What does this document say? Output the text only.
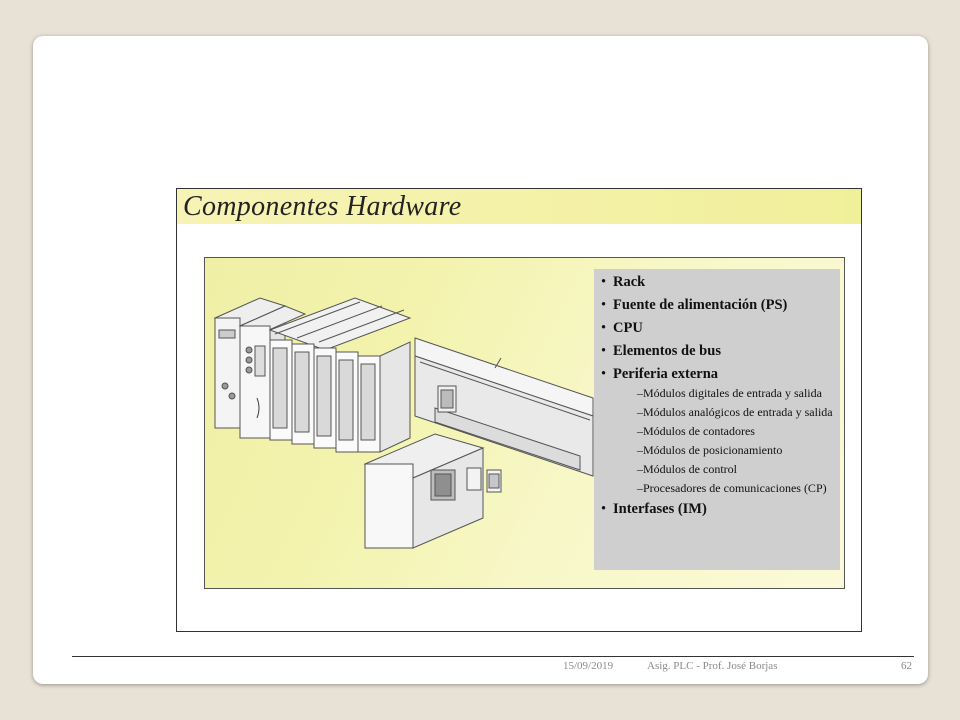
Componentes Hardware
• Rack
• Fuente de alimentación (PS)
• CPU
• Elementos de bus
• Periferia externa
–Módulos digitales de entrada y salida
–Módulos analógicos de entrada y salida
–Módulos de contadores
–Módulos de posicionamiento
–Módulos de control
–Procesadores de comunicaciones (CP)
• Interfases (IM)
15/09/2019	Asig. PLC - Prof. José Borjas	62
